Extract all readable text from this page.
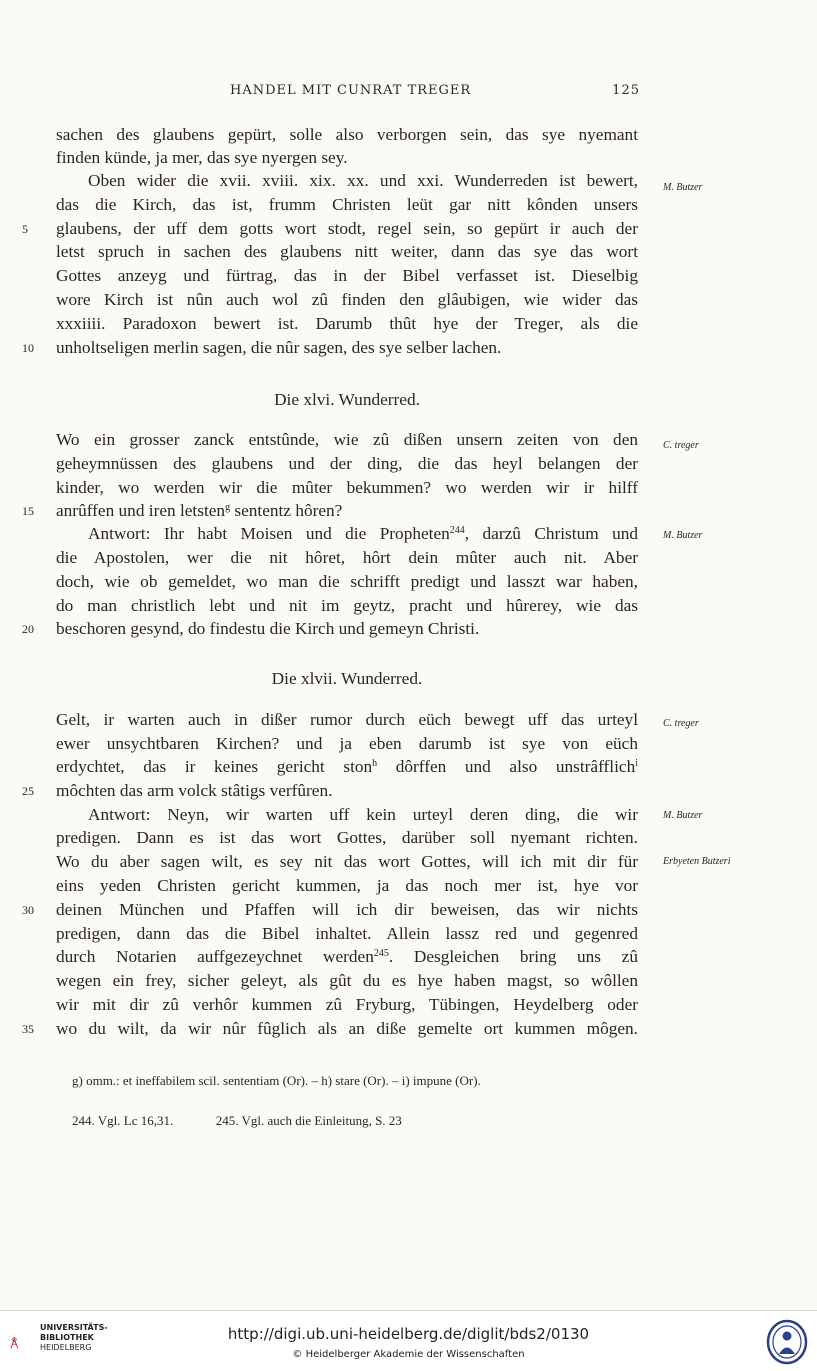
HANDEL MIT CUNRAT TREGER	125
sachen des glaubens gepürt, solle also verborgen sein, das sye nyemant
finden künde, ja mer, das sye nyergen sey.
Oben wider die xvii. xviii. xix. xx. und xxi. Wunderreden ist bewert,
das die Kirch, das ist, frumm Christen leüt gar nitt kônden unsers
5	glaubens, der uff dem gotts wort stodt, regel sein, so gepürt ir auch der
letst spruch in sachen des glaubens nitt weiter, dann das sye das wort
Gottes anzeyg und fürtrag, das in der Bibel verfasset ist. Dieselbig
wore Kirch ist nûn auch wol zû finden den glâubigen, wie wider das
xxxiiii. Paradoxon bewert ist. Darumb thût hye der Treger, als die
10 unholtseligen merlin sagen, die nûr sagen, des sye selber lachen.
Die xlvi. Wunderred.
Wo ein grosser zanck entstûnde, wie zû dißen unsern zeiten von den
geheymnüssen des glaubens und der ding, die das heyl belangen der
kinder, wo werden wir die mûter bekummen? wo werden wir ir hilff
15 anrûffen und iren letsten$^g$ sententz hôren?
Antwort: Ihr habt Moisen und die Propheten$^{244}$, darzû Christum und
die Apostolen, wer die nit hôret, hôrt dein mûter auch nit. Aber
doch, wie ob gemeldet, wo man die schrifft predigt und lasszt war haben,
do man christlich lebt und nit im geytz, pracht und hûrerey, wie das
20 beschoren gesynd, do findestu die Kirch und gemeyn Christi.
Die xlvii. Wunderred.
Gelt, ir warten auch in dißer rumor durch eüch bewegt uff das urteyl
ewer unsychtbaren Kirchen? und ja eben darumb ist sye von eüch
erdychtet, das ir keines gericht ston$^h$ dôrffen und also unstrâfflich$^i$
25 môchten das arm volck stâtigs verfûren.
Antwort: Neyn, wir warten uff kein urteyl deren ding, die wir
predigen. Dann es ist das wort Gottes, darüber soll nyemant richten.
Wo du aber sagen wilt, es sey nit das wort Gottes, will ich mit dir für
eins yeden Christen gericht kummen, ja das noch mer ist, hye vor
30 deinen München und Pfaffen will ich dir beweisen, das wir nichts
predigen, dann das die Bibel inhaltet. Allein lassz red und gegenred
durch Notarien auffgezeychnet werden$^{245}$. Desgleichen bring uns zû
wegen ein frey, sicher geleyt, als gût du es hye haben magst, so wôllen
wir mit dir zû verhôr kummen zû Fryburg, Tübingen, Heydelberg oder
35 wo du wilt, da wir nûr fûglich als an diße gemelte ort kummen môgen.
M. Butzer
C. treger
M. Butzer
C. treger
M. Butzer
Erbyeten Butzeri
g) omm.: et ineffabilem scil. sententiam (Or). – h) stare (Or). – i) impune (Or).
244. Vgl. Lc 16,31.	245. Vgl. auch die Einleitung, S. 23
UNIVERSITÄTS-
BIBLIOTHEK
HEIDELBERG
http://digi.ub.uni-heidelberg.de/diglit/bds2/0130
© Heidelberger Akademie der Wissenschaften
